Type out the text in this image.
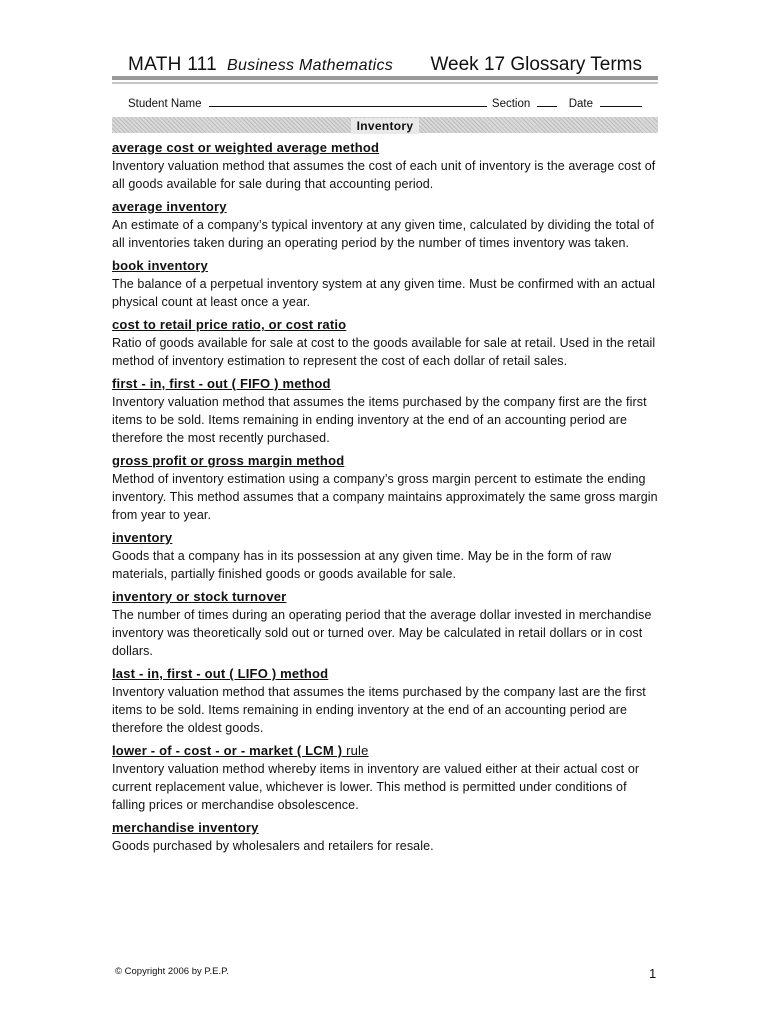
MATH 111 Business Mathematics Week 17 Glossary Terms
Student Name	Section	Date
Inventory
average cost or weighted average method
Inventory valuation method that assumes the cost of each unit of inventory is the average cost of all goods available for sale during that accounting period.
average inventory
An estimate of a company’s typical inventory at any given time, calculated by dividing the total of all inventories taken during an operating period by the number of times inventory was taken.
book inventory
The balance of a perpetual inventory system at any given time. Must be confirmed with an actual physical count at least once a year.
cost to retail price ratio, or cost ratio
Ratio of goods available for sale at cost to the goods available for sale at retail. Used in the retail method of inventory estimation to represent the cost of each dollar of retail sales.
first - in, first - out ( FIFO ) method
Inventory valuation method that assumes the items purchased by the company first are the first items to be sold. Items remaining in ending inventory at the end of an accounting period are therefore the most recently purchased.
gross profit or gross margin method
Method of inventory estimation using a company’s gross margin percent to estimate the ending inventory. This method assumes that a company maintains approximately the same gross margin from year to year.
inventory
Goods that a company has in its possession at any given time. May be in the form of raw materials, partially finished goods or goods available for sale.
inventory or stock turnover
The number of times during an operating period that the average dollar invested in merchandise inventory was theoretically sold out or turned over. May be calculated in retail dollars or in cost dollars.
last - in, first - out ( LIFO ) method
Inventory valuation method that assumes the items purchased by the company last are the first items to be sold. Items remaining in ending inventory at the end of an accounting period are therefore the oldest goods.
lower - of - cost - or - market ( LCM ) rule
Inventory valuation method whereby items in inventory are valued either at their actual cost or current replacement value, whichever is lower. This method is permitted under conditions of falling prices or merchandise obsolescence.
merchandise inventory
Goods purchased by wholesalers and retailers for resale.
© Copyright 2006 by P.E.P.	1
